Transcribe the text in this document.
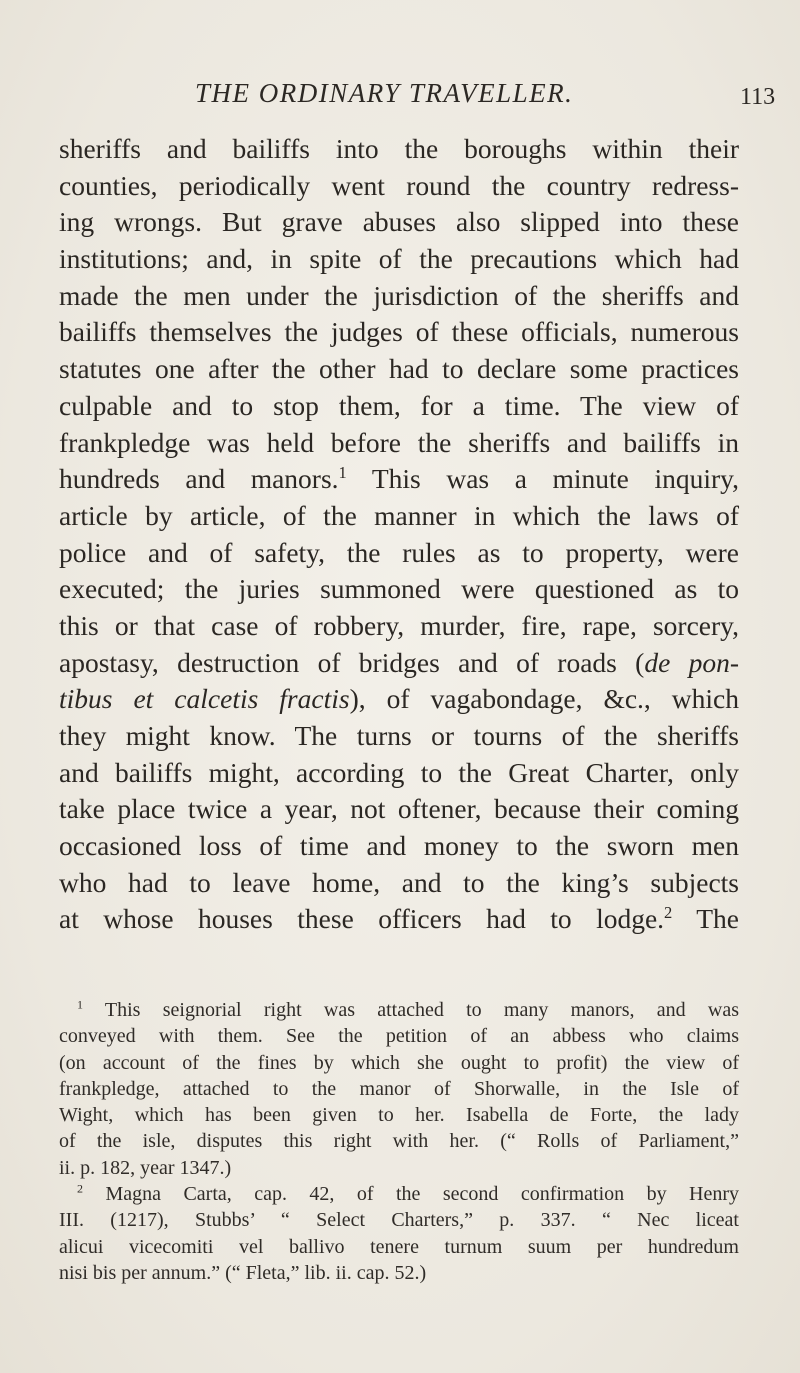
THE ORDINARY TRAVELLER.	113
sheriffs and bailiffs into the boroughs within their
counties, periodically went round the country redress-
ing wrongs. But grave abuses also slipped into these
institutions; and, in spite of the precautions which had
made the men under the jurisdiction of the sheriffs and
bailiffs themselves the judges of these officials, numerous
statutes one after the other had to declare some practices
culpable and to stop them, for a time. The view of
frankpledge was held before the sheriffs and bailiffs in
hundreds and manors.$^1$ This was a minute inquiry,
article by article, of the manner in which the laws of
police and of safety, the rules as to property, were
executed; the juries summoned were questioned as to
this or that case of robbery, murder, fire, rape, sorcery,
apostasy, destruction of bridges and of roads (de pon-
tibus et calcetis fractis), of vagabondage, &c., which
they might know. The turns or tourns of the sheriffs
and bailiffs might, according to the Great Charter, only
take place twice a year, not oftener, because their coming
occasioned loss of time and money to the sworn men
who had to leave home, and to the king’s subjects
at whose houses these officers had to lodge.$^2$ The
$^1$ This seignorial right was attached to many manors, and was
conveyed with them. See the petition of an abbess who claims
(on account of the fines by which she ought to profit) the view of
frankpledge, attached to the manor of Shorwalle, in the Isle of
Wight, which has been given to her. Isabella de Forte, the lady
of the isle, disputes this right with her. (“ Rolls of Parliament,”
ii. p. 182, year 1347.)
$^2$ Magna Carta, cap. 42, of the second confirmation by Henry
III. (1217), Stubbs’ “ Select Charters,” p. 337. “ Nec liceat
alicui vicecomiti vel ballivo tenere turnum suum per hundredum
nisi bis per annum.” (“ Fleta,” lib. ii. cap. 52.)
